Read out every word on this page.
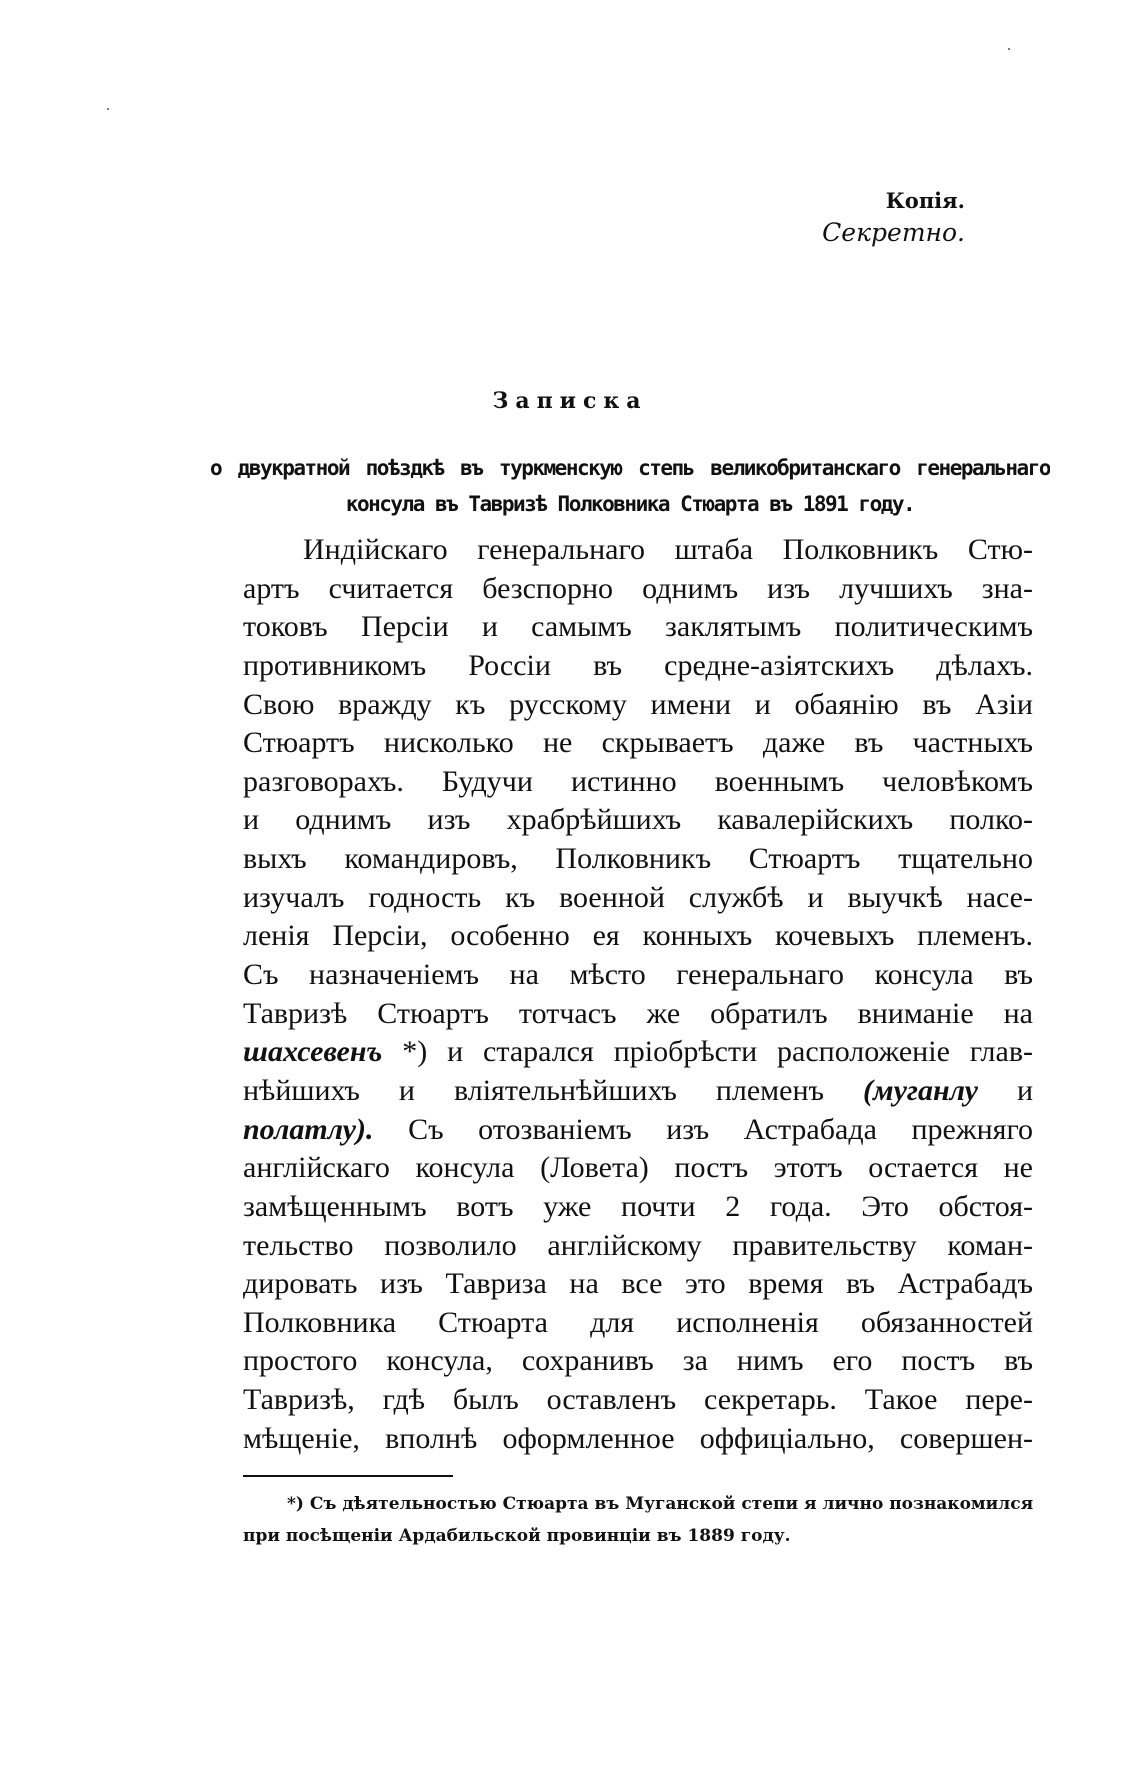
Копія.
Секретно.
Записка
о двукратной поѣздкѣ въ туркменскую степь великобританскаго генеральнаго
консула въ Тавризѣ Полковника Стюарта въ 1891 году.
Индійскаго генеральнаго штаба Полковникъ Стю-
артъ считается безспорно однимъ изъ лучшихъ зна-
токовъ Персіи и самымъ заклятымъ политическимъ
противникомъ Россіи въ средне-азіятскихъ дѣлахъ.
Свою вражду къ русскому имени и обаянію въ Азіи
Стюартъ нисколько не скрываетъ даже въ частныхъ
разговорахъ. Будучи истинно военнымъ человѣкомъ
и однимъ изъ храбрѣйшихъ кавалерійскихъ полко-
выхъ командировъ, Полковникъ Стюартъ тщательно
изучалъ годность къ военной службѣ и выучкѣ насе-
ленія Персіи, особенно ея конныхъ кочевыхъ племенъ.
Съ назначеніемъ на мѣсто генеральнаго консула въ
Тавризѣ Стюартъ тотчасъ же обратилъ вниманіе на
шахсевенъ *) и старался пріобрѣсти расположеніе глав-
нѣйшихъ и вліятельнѣйшихъ племенъ (муганлу и
полатлу). Съ отозваніемъ изъ Астрабада прежняго
англійскаго консула (Ловета) постъ этотъ остается не
замѣщеннымъ вотъ уже почти 2 года. Это обстоя-
тельство позволило англійскому правительству коман-
дировать изъ Тавриза на все это время въ Астрабадъ
Полковника Стюарта для исполненія обязанностей
простого консула, сохранивъ за нимъ его постъ въ
Тавризѣ, гдѣ былъ оставленъ секретарь. Такое пере-
мѣщеніе, вполнѣ оформленное оффиціально, совершен-
*) Съ дѣятельностью Стюарта въ Муганской степи я лично познакомился
при посѣщеніи Ардабильской провинціи въ 1889 году.
